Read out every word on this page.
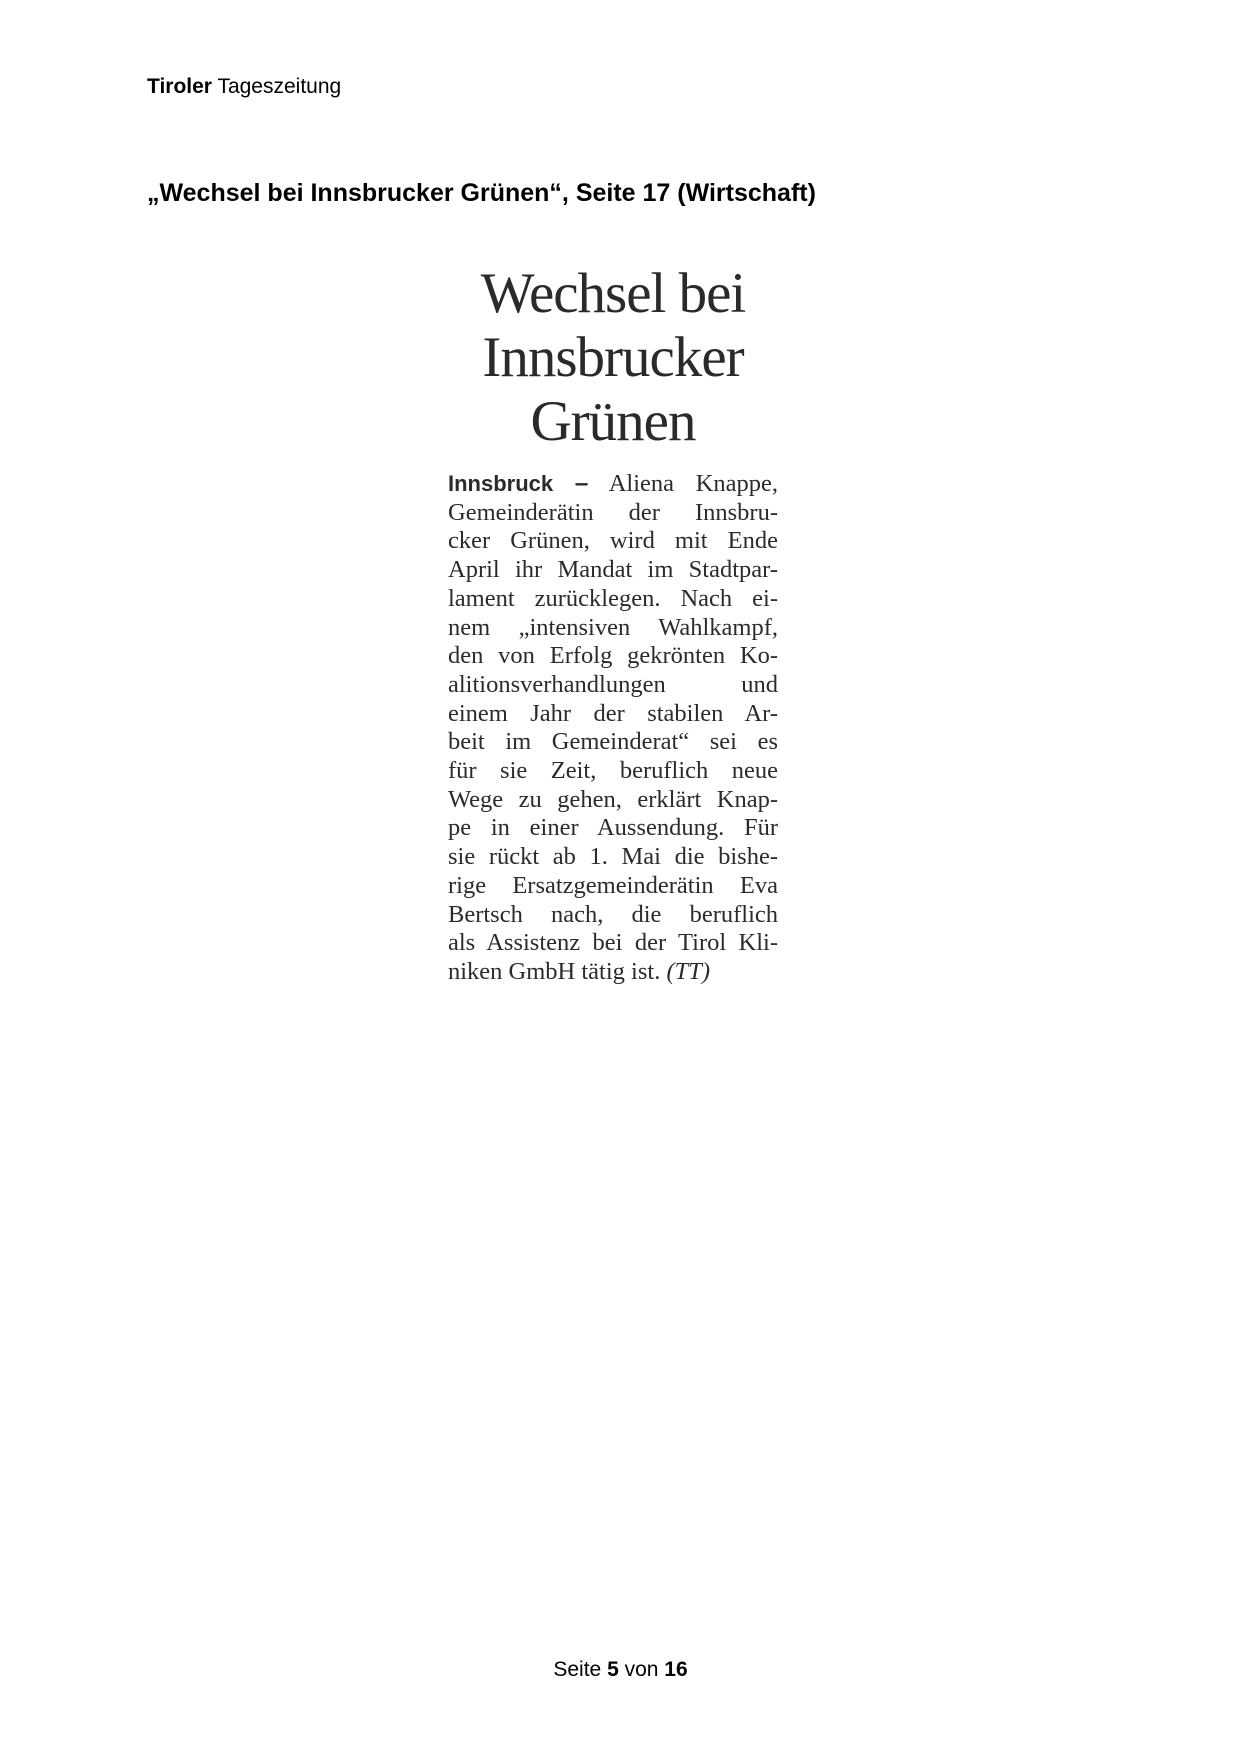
Tiroler Tageszeitung
„Wechsel bei Innsbrucker Grünen“, Seite 17 (Wirtschaft)
Wechsel bei
Innsbrucker
Grünen
Innsbruck – Aliena Knappe,
Gemeinderätin der Innsbru-
cker Grünen, wird mit Ende
April ihr Mandat im Stadtpar-
lament zurücklegen. Nach ei-
nem „intensiven Wahlkampf,
den von Erfolg gekrönten Ko-
alitionsverhandlungen und
einem Jahr der stabilen Ar-
beit im Gemeinderat“ sei es
für sie Zeit, beruflich neue
Wege zu gehen, erklärt Knap-
pe in einer Aussendung. Für
sie rückt ab 1. Mai die bishe-
rige Ersatzgemeinderätin Eva
Bertsch nach, die beruflich
als Assistenz bei der Tirol Kli-
niken GmbH tätig ist. (TT)
Seite 5 von 16
